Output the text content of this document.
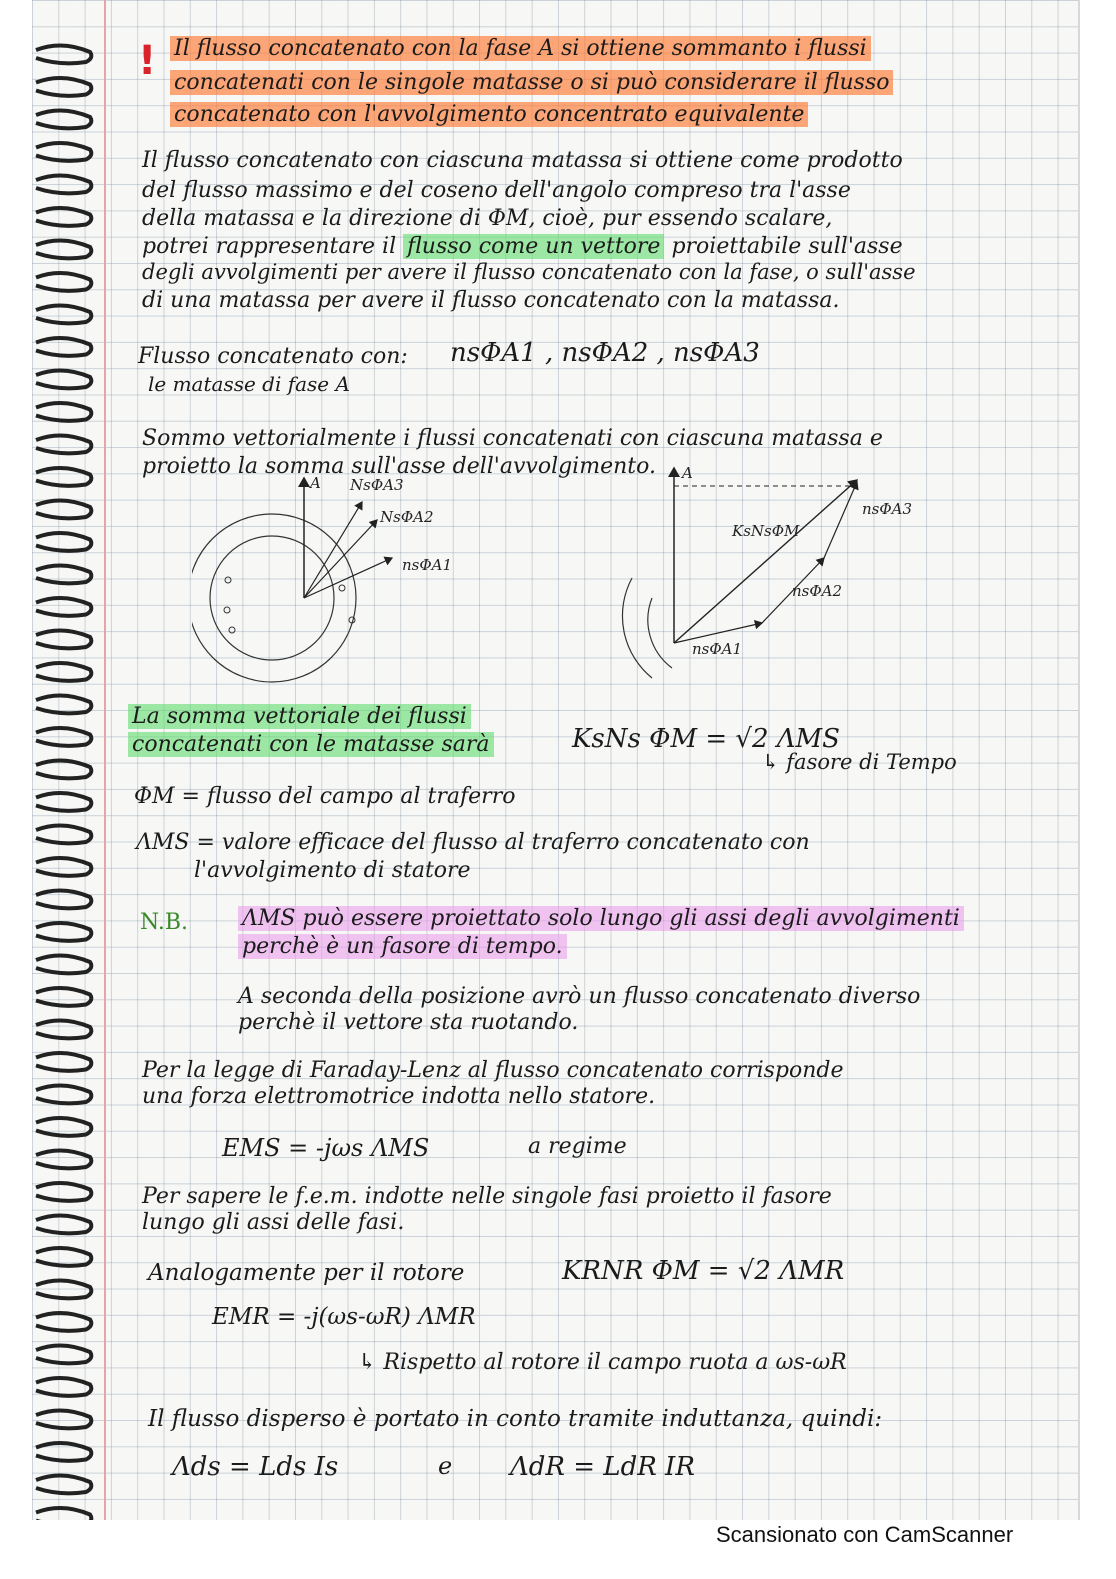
! Il flusso concatenato con la fase A si ottiene sommanto i flussi
concatenati con le singole matasse o si può considerare il flusso
concatenato con l'avvolgimento concentrato equivalente
Il flusso concatenato con ciascuna matassa si ottiene come prodotto
del flusso massimo e del coseno dell'angolo compreso tra l'asse
della matassa e la direzione di ΦM, cioè, pur essendo scalare,
potrei rappresentare il flusso come un vettore proiettabile sull'asse
degli avvolgimenti per avere il flusso concatenato con la fase, o sull'asse
di una matassa per avere il flusso concatenato con la matassa.
Flusso concatenato con:
le matasse di fase A
nsΦA1 , nsΦA2 , nsΦA3
Sommo vettorialmente i flussi concatenati con ciascuna matassa e
proietto la somma sull'asse dell'avvolgimento.
A NsΦA3
NsΦA2
nsΦA1
A
KsNsΦM
nsΦA3
nsΦA2
nsΦA1
La somma vettoriale dei flussi
concatenati con le matasse sarà	KsNs ΦM = √2 ΛMS
↳ fasore di Tempo
ΦM = flusso del campo al traferro
ΛMS = valore efficace del flusso al traferro concatenato con
l'avvolgimento di statore
N.B. ΛMS può essere proiettato solo lungo gli assi degli avvolgimenti
perchè è un fasore di tempo.
A seconda della posizione avrò un flusso concatenato diverso
perchè il vettore sta ruotando.
Per la legge di Faraday-Lenz al flusso concatenato corrisponde
una forza elettromotrice indotta nello statore.
EMS = -jωs ΛMS	a regime
Per sapere le f.e.m. indotte nelle singole fasi proietto il fasore
lungo gli assi delle fasi.
Analogamente per il rotore	KRNR ΦM = √2 ΛMR
EMR = -j(ωs-ωR) ΛMR
↳ Rispetto al rotore il campo ruota a ωs-ωR
Il flusso disperso è portato in conto tramite induttanza, quindi:
Λds = Lds Is	e ΛdR = LdR IR
Scansionato con CamScanner
